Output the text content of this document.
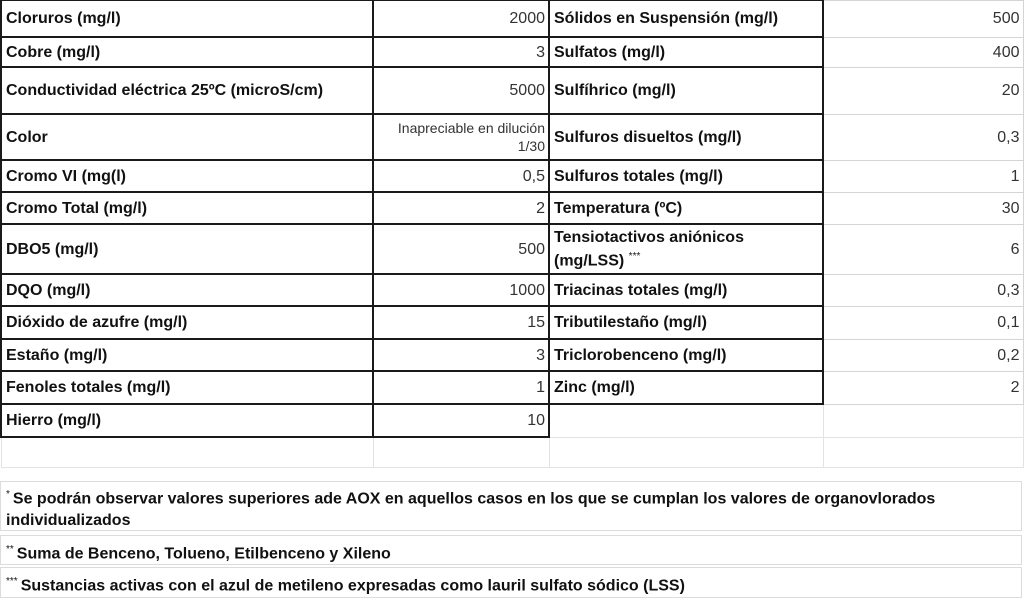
Cloruros (mg/l)	2000	Sólidos en Suspensión (mg/l)	500
Cobre (mg/l)	3	Sulfatos (mg/l)	400
Conductividad eléctrica 25ºC (microS/cm)	5000	Sulfíhrico (mg/l)	20
Color	Inapreciable en dilución 1/30	Sulfuros disueltos (mg/l)	0,3
Cromo VI (mg(l)	0,5	Sulfuros totales (mg/l)	1
Cromo Total (mg/l)	2	Temperatura (ºC)	30
DBO5 (mg/l)	500	Tensiotactivos aniónicos (mg/LSS) ***	6
DQO (mg/l)	1000	Triacinas totales (mg/l)	0,3
Dióxido de azufre (mg/l)	15	Tributilestaño (mg/l)	0,1
Estaño (mg/l)	3	Triclorobenceno (mg/l)	0,2
Fenoles totales (mg/l)	1	Zinc (mg/l)	2
Hierro (mg/l)	10		

* Se podrán observar valores superiores ade AOX en aquellos casos en los que se cumplan los valores de organovlorados individualizados
** Suma de Benceno, Tolueno, Etilbenceno y Xileno
*** Sustancias activas con el azul de metileno expresadas como lauril sulfato sódico (LSS)
